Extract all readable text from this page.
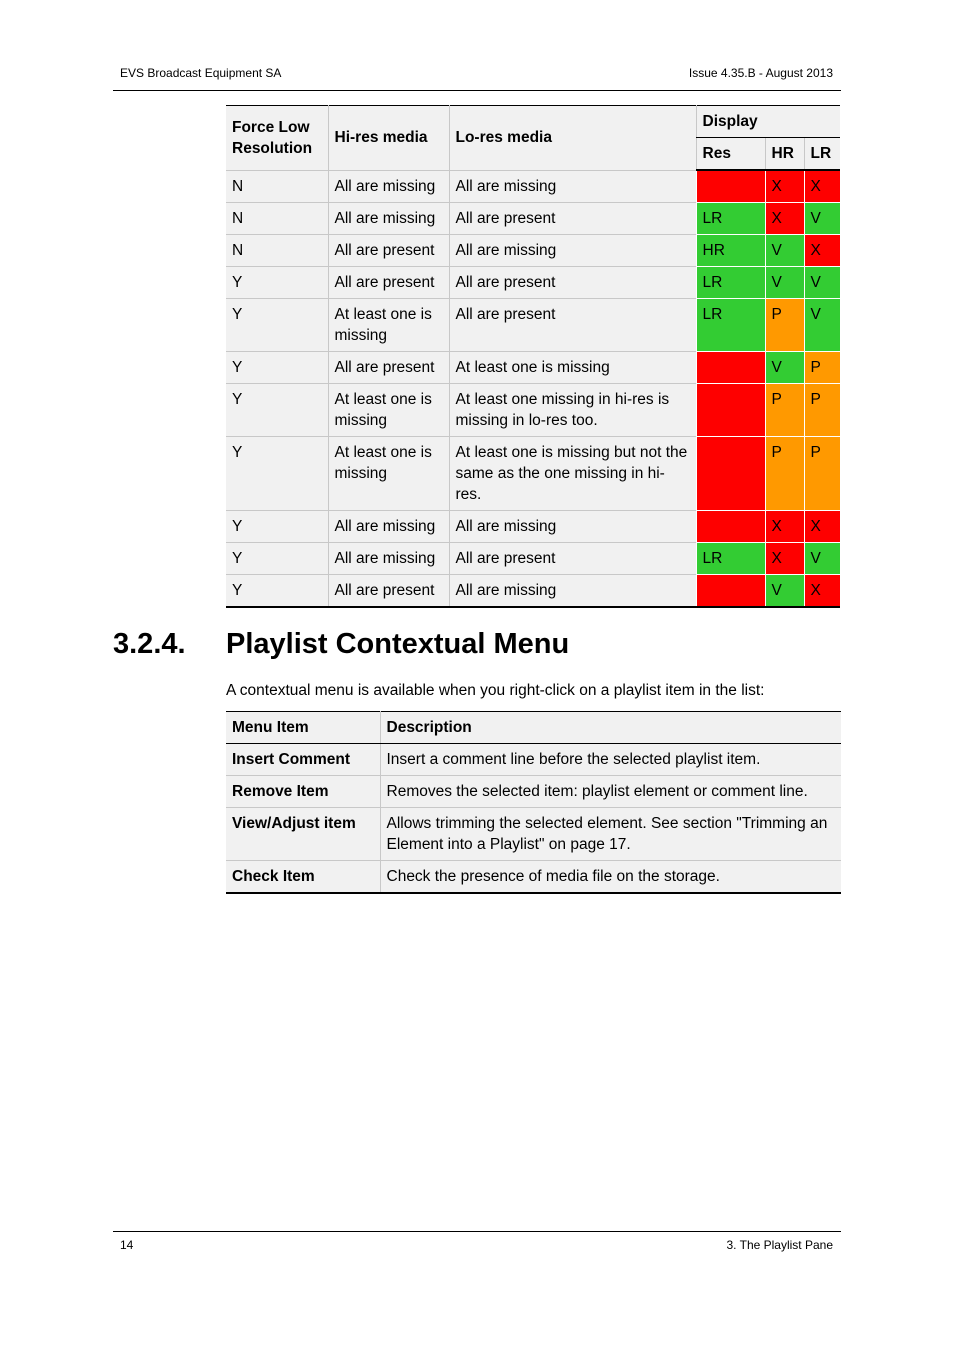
EVS Broadcast Equipment SA	Issue 4.35.B - August 2013
Force Low Resolution	Hi-res media	Lo-res media	Display		
			Res	HR	LR
N	All are missing	All are missing		X	X
N	All are missing	All are present	LR	X	V
N	All are present	All are missing	HR	V	X
Y	All are present	All are present	LR	V	V
Y	At least one is missing	All are present	LR	P	V
Y	All are present	At least one is missing		V	P
Y	At least one is missing	At least one missing in hi-res is missing in lo-res too.		P	P
Y	At least one is missing	At least one is missing but not the same as the one missing in hi-res.		P	P
Y	All are missing	All are missing		X	X
Y	All are missing	All are present	LR	X	V
Y	All are present	All are missing		V	X
3.2.4. Playlist Contextual Menu
A contextual menu is available when you right-click on a playlist item in the list:
Menu Item	Description
Insert Comment	Insert a comment line before the selected playlist item.
Remove Item	Removes the selected item: playlist element or comment line.
View/Adjust item	Allows trimming the selected element. See section "Trimming an Element into a Playlist" on page 17.
Check Item	Check the presence of media file on the storage.
14	3. The Playlist Pane
